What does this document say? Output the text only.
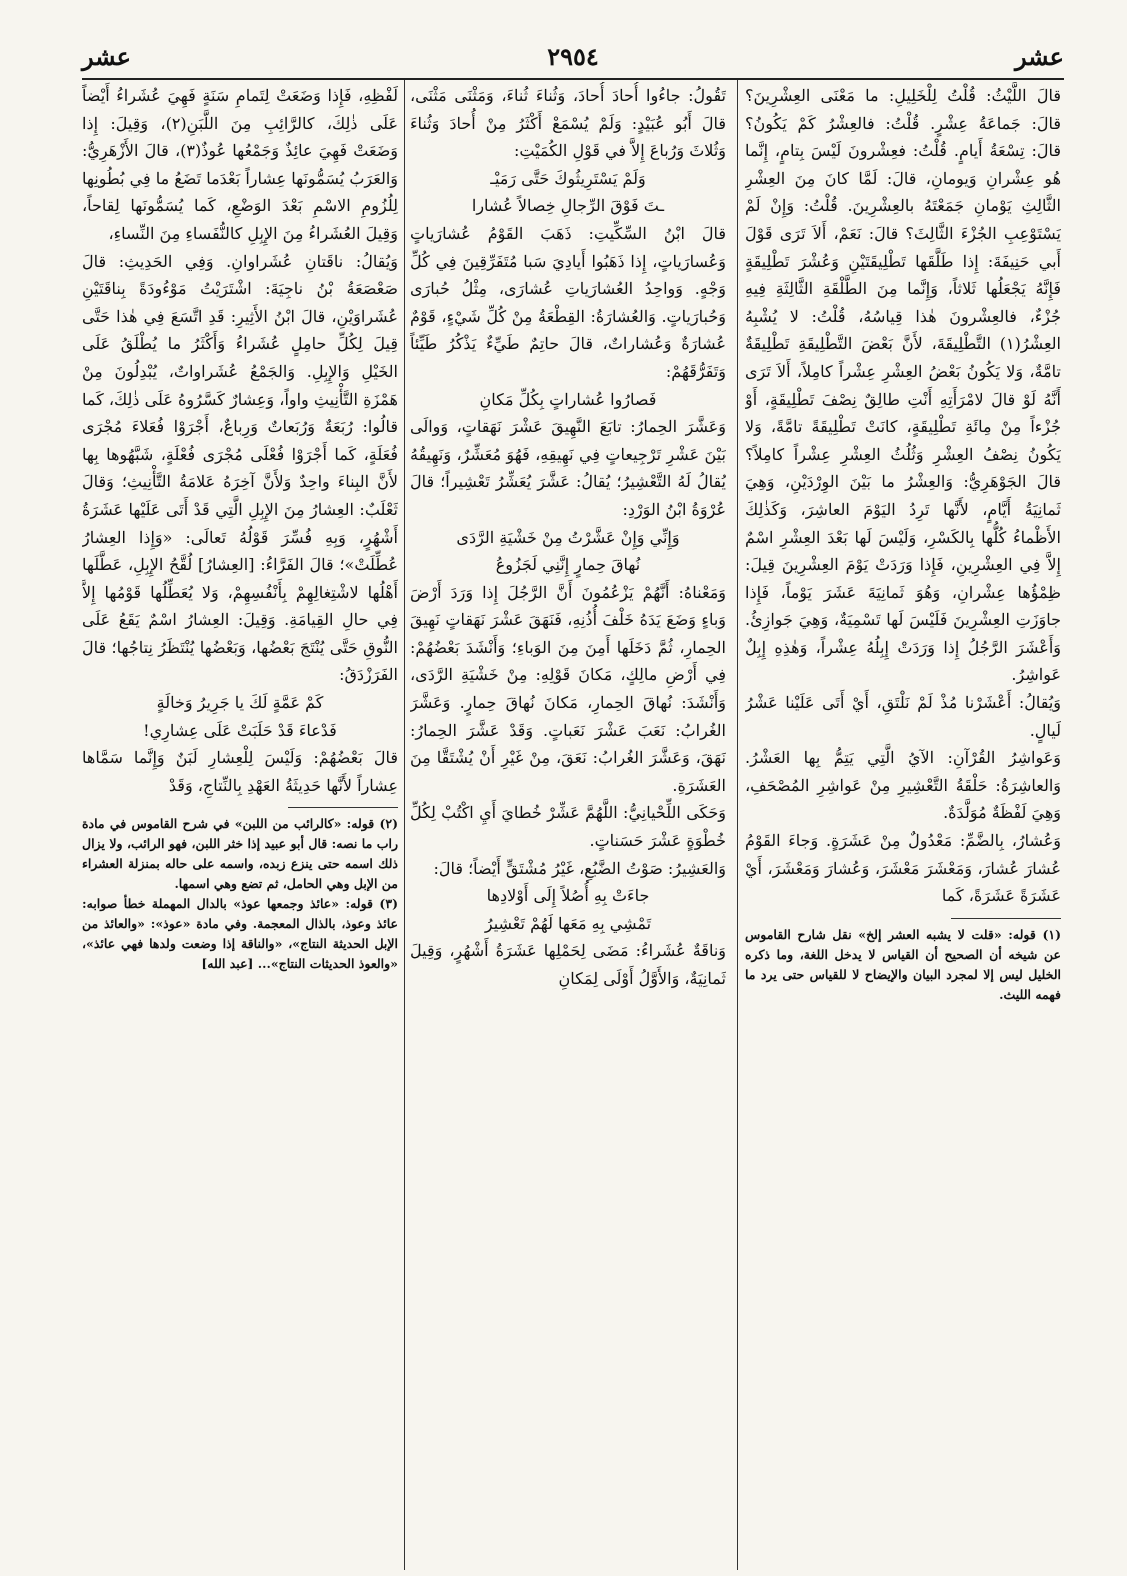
عشر
٢٩٥٤
عشر

قالَ اللَّيْثُ: قُلْتُ لِلْخَلِيلِ: ما مَعْنَى العِشْرِينَ؟ قالَ: جَماعَةُ عِشْرٍ. قُلْتُ: فالعِشْرُ كَمْ يَكُونُ؟ قالَ: تِسْعَةُ أَيامٍ. قُلْتُ: فعِشْرونَ لَيْسَ بِتامٍ، إِنَّما هُو عِشْرانِ وَيومانِ، قالَ: لَمَّا كانَ مِنَ العِشْرِ الثَّالِثِ يَوْمانِ جَمَعْتَهُ بالعِشْرِينَ. قُلْتُ: وَإِنْ لَمْ يَسْتَوْعِبِ الجُزْءَ الثَّالِثَ؟ قالَ: نَعَمْ، أَلاَ تَرَى قَوْلَ أَبي حَنِيفَةَ: إِذا طَلَّقَها تَطْلِيقَتَيْنِ وَعُشْرَ تَطْلِيقَةٍ فَإِنَّهُ يَجْعَلُها ثَلاثاً، وَإِنَّما مِنَ الطَّلْقَةِ الثَّالِثَةِ فِيهِ جُزْءٌ، فالعِشْرونَ هٰذا قِياسُهُ، قُلْتُ: لا يُشْبِهُ العِشْرُ(١) التَّطْلِيقَةَ، لأَنَّ بَعْضَ التَّطْلِيقَةِ تَطْلِيقَةٌ تامَّةٌ، وَلا يَكُونُ بَعْضُ العِشْرِ عِشْراً كامِلاً، أَلاَ تَرَى أَنَّهُ لَوْ قالَ لامْرَأَتِهِ أَنْتِ طالِقٌ نِصْفَ تَطْلِيقَةٍ، أَوْ جُزْءاً مِنْ مِائَةِ تَطْلِيقَةٍ، كانَتْ تَطْلِيقَةً تامَّةً، وَلا يَكُونُ نِصْفُ العِشْرِ وَثُلُثُ العِشْرِ عِشْراً كامِلاً؟ قالَ الجَوْهَرِيُّ: وَالعِشْرُ ما بَيْنَ الوِرْدَيْنِ، وَهِيَ ثَمانِيَةُ أَيَّامٍ، لأَنَّها تَرِدُ اليَوْمَ العاشِرَ، وَكَذٰلِكَ الأَظْماءُ كُلُّها بِالكَسْرِ، وَلَيْسَ لَها بَعْدَ العِشْرِ اسْمٌ إِلاَّ فِي العِشْرِينِ، فَإِذا وَرَدَتْ يَوْمَ العِشْرِينَ قِيلَ: ظِمْؤُها عِشْرانِ، وَهُوَ ثَمانِيَةَ عَشَرَ يَوْماً، فَإِذا جاوَزَتِ العِشْرِينَ فَلَيْسَ لَها تَسْمِيَةٌ، وَهِيَ جَوازِئُ. وَأَعْشَرَ الرَّجُلُ إِذا وَرَدَتْ إِبِلُهُ عِشْراً، وَهٰذِهِ إِبِلٌ عَواشِرُ.

وَيُقالُ: أَعْشَرْنا مُذْ لَمْ نَلْتَقِ، أَيْ أَتَى عَلَيْنا عَشْرُ لَيالٍ.

وَعَواشِرُ القُرْآنِ: الآيُ الَّتِي يَتِمُّ بِها العَشْرُ. وَالعاشِرَةُ: حَلْقَةُ التَّعْشِيرِ مِنْ عَواشِرِ المُصْحَفِ، وَهِيَ لَفْظَةٌ مُوَلَّدَةٌ.

وَعُشارُ، بِالضَّمِّ: مَعْدُولٌ مِنْ عَشَرَةٍ. وَجاءَ القَوْمُ عُشارَ عُشارَ، وَمَعْشَرَ مَعْشَرَ، وَعُشارَ وَمَعْشَرَ، أَيْ عَشَرَةً عَشَرَةً، كَما

(١) قوله: «قلت لا يشبه العشر إلخ» نقل شارح القاموس عن شيخه أن الصحيح أن القياس لا يدخل اللغة، وما ذكره الخليل ليس إلا لمجرد البيان والإيضاح لا للقياس حتى يرد ما فهمه الليث.

تَقُولُ: جاءُوا أُحادَ أُحادَ، وَثُناءَ ثُناءَ، وَمَثْنَى مَثْنَى، قالَ أَبُو عُبَيْدٍ: وَلَمْ يُسْمَعْ أَكْثَرُ مِنْ أُحادَ وَثُناءَ وَثُلاثَ وَرُباعَ إِلاَّ في قَوْلِ الكُمَيْتِ:

وَلَمْ يَسْتَرِيثُوكَ حَتَّى رَمَيْـ

ـتَ فَوْقَ الرِّجالِ خِصالاً عُشارا

قالَ ابْنُ السِّكِّيتِ: ذَهَبَ القَوْمُ عُشارَياتٍ وَعُسارَياتٍ، إِذا ذَهَبُوا أَيادِيَ سَبا مُتَفَرِّقِينَ فِي كُلِّ وَجْهٍ. وَواحِدُ العُشارَياتِ عُشارَى، مِثْلُ حُبارَى وَحُبارَياتٍ. وَالعُشارَةُ: القِطْعَةُ مِنْ كُلِّ شَيْءٍ، قَوْمٌ عُشارَةٌ وَعُشاراتٌ، قالَ حاتِمٌ طَيِّءٌ يَذْكُرُ طَيِّئاً وَتَفَرُّقَهُمْ:

فَصارُوا عُشاراتٍ بِكُلِّ مَكانِ

وَعَشَّرَ الحِمارُ: تابَعَ النَّهِيقَ عَشْرَ نَهَقاتٍ، وَوالَى بَيْنَ عَشْرِ تَرْجِيعاتٍ فِي نَهِيقِهِ، فَهُوَ مُعَشِّرٌ، وَنَهِيقُهُ يُقالُ لَهُ التَّعْشِيرُ؛ يُقالُ: عَشَّرَ يُعَشِّرُ تَعْشِيراً؛ قالَ عُرْوَةُ ابْنُ الوَرْدِ:

وَإِنِّي وَإِنْ عَشَّرْتُ مِنْ خَشْيَةِ الرَّدَى

نُهاقَ حِمارٍ إِنَّنِي لَجَزُوعُ

وَمَعْناهُ: أَنَّهُمْ يَزْعُمُونَ أَنَّ الرَّجُلَ إِذا وَرَدَ أَرْضَ وَباءٍ وَضَعَ يَدَهُ خَلْفَ أُذُنِهِ، فَنَهَقَ عَشْرَ نَهَقاتٍ نَهِيقَ الحِمارِ، ثُمَّ دَخَلَها أَمِنَ مِنَ الوَباءِ؛ وَأَنْشَدَ بَعْضُهُمْ: فِي أَرْضِ مالِكٍ، مَكانَ قَوْلِهِ: مِنْ خَشْيَةِ الرَّدَى، وَأَنْشَدَ: نُهاقَ الحِمارِ، مَكانَ نُهاقَ حِمارٍ. وَعَشَّرَ الغُرابُ: نَعَبَ عَشْرَ نَعَباتٍ. وَقَدْ عَشَّرَ الحِمارُ: نَهَقَ، وَعَشَّرَ الغُرابُ: نَعَقَ، مِنْ غَيْرِ أَنْ يُشْتَقَّا مِنَ العَشَرَةِ.

وَحَكَى اللِّحْيانِيُّ: اللَّهُمَّ عَشِّرْ خُطايَ أَيِ اكْتُبْ لِكُلِّ خُطْوَةٍ عَشْرَ حَسَناتٍ.

وَالعَشِيرُ: صَوْتُ الضَّبُعِ، غَيْرُ مُشْتَقٍّ أَيْضاً؛ قالَ:

جاءَتْ بِهِ أُصُلاً إِلَى أَوْلادِها

تَمْشِي بِهِ مَعَها لَهُمْ تَعْشِيرُ

وَناقَةٌ عُشَراءُ: مَضَى لِحَمْلِها عَشَرَةُ أَشْهُرٍ، وَقِيلَ ثَمانِيَةٌ، وَالأَوَّلُ أَوْلَى لِمَكانِ

لَفْظِهِ، فَإِذا وَضَعَتْ لِتَمامِ سَنَةٍ فَهِيَ عُشَراءُ أَيْضاً عَلَى ذٰلِكَ، كالرَّائِبِ مِنَ اللَّبَنِ(٢)، وَقِيلَ: إِذا وَضَعَتْ فَهِيَ عائِذٌ وَجَمْعُها عُوذٌ(٣)، قالَ الأَزْهَرِيُّ: وَالعَرَبُ يُسَمُّونَها عِشاراً بَعْدَما تَضَعُ ما فِي بُطُونِها لِلُزُومِ الاسْمِ بَعْدَ الوَضْعِ، كَما يُسَمُّونَها لِقاحاً، وَقِيلَ العُشَراءُ مِنَ الإِبِلِ كالنُّفَساءِ مِنَ النِّساءِ،

وَيُقالُ: ناقَتانِ عُشَراوانِ. وَفِي الحَدِيثِ: قالَ صَعْصَعَةُ بْنُ ناجِيَةَ: اشْتَرَيْتُ مَوْءُودَةً بِناقَتَيْنِ عُشَراوَيْنِ، قالَ ابْنُ الأَثِيرِ: قَدِ اتَّسَعَ فِي هٰذا حَتَّى قِيلَ لِكُلِّ حامِلٍ عُشَراءُ وَأَكْثَرُ ما يُطْلَقُ عَلَى الخَيْلِ وَالإِبِلِ. وَالجَمْعُ عُشَراواتٌ، يُبْدِلُونَ مِنْ هَمْزَةِ التَّأْنِيثِ واواً، وَعِشارٌ كَسَّرُوهُ عَلَى ذٰلِكَ، كَما قالُوا: رُبَعَةٌ وَرُبَعاتٌ وَرِباعٌ، أَجْرَوْا فُعَلاءَ مُجْرَى فُعَلَةٍ، كَما أَجْرَوْا فُعْلَى مُجْرَى فُعْلَةٍ، شَبَّهُوها بِها لأَنَّ البِناءَ واحِدٌ وَلأَنَّ آخِرَهُ عَلامَةُ التَّأْنِيثِ؛ وَقالَ ثَعْلَبٌ: العِشارُ مِنَ الإِبِلِ الَّتِي قَدْ أَتَى عَلَيْها عَشَرَةُ أَشْهُرٍ، وَبِهِ فُسِّرَ قَوْلُهُ تَعالَى: «وَإِذا العِشارُ عُطِّلَتْ»؛ قالَ الفَرَّاءُ: [العِشارُ] لُقَّحُ الإِبِلِ، عَطَّلَها أَهْلُها لاشْتِغالِهِمْ بِأَنْفُسِهِمْ، وَلا يُعَطِّلُها قَوْمُها إِلاَّ فِي حالِ القِيامَةِ. وَقِيلَ: العِشارُ اسْمٌ يَقَعُ عَلَى النُّوقِ حَتَّى يُنْتَجَ بَعْضُها، وَبَعْضُها يُنْتَظَرُ نِتاجُها؛ قالَ الفَرَزْدَقُ:

كَمْ عَمَّةٍ لَكَ يا جَرِيرُ وَخالَةٍ

فَدْعاءَ قَدْ حَلَبَتْ عَلَى عِشارِي!

قالَ بَعْضُهُمْ: وَلَيْسَ لِلْعِشارِ لَبَنٌ وَإِنَّما سَمَّاها عِشاراً لأَنَّها حَدِيثَةُ العَهْدِ بِالنِّتاجِ، وَقَدْ

(٢) قوله: «كالرائب من اللبن» في شرح القاموس في مادة راب ما نصه: قال أبو عبيد إذا خثر اللبن، فهو الرائب، ولا يزال ذلك اسمه حتى ينزع زبده، واسمه على حاله بمنزلة العشراء من الإبل وهي الحامل، ثم تضع وهي اسمها.

(٣) قوله: «عائذ وجمعها عوذ» بالدال المهملة خطأ صوابه: عائذ وعوذ، بالذال المعجمة. وفي مادة «عوذ»: «والعائذ من الإبل الحديثة النتاج»، «والناقة إذا وضعت ولدها فهي عائذ»، «والعوذ الحديثات النتاج»... [عبد الله]
